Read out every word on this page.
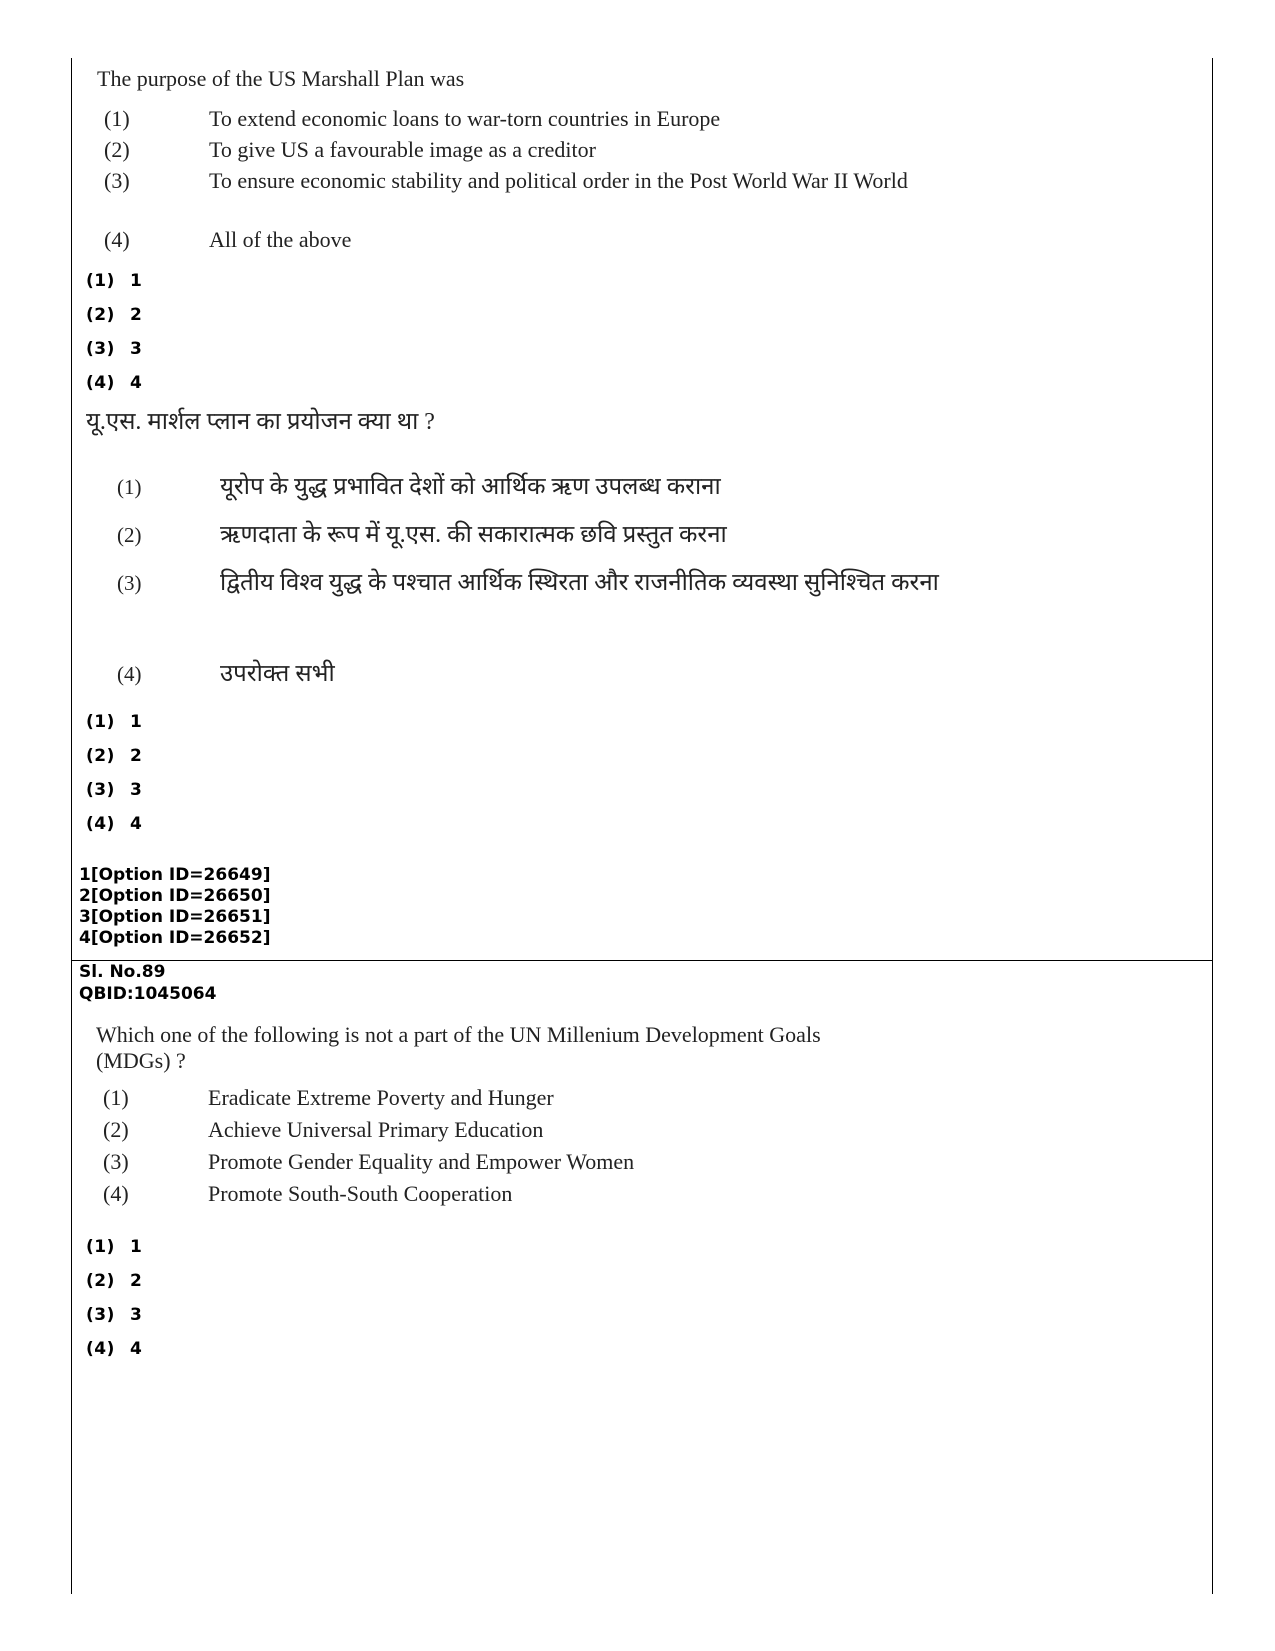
The purpose of the US Marshall Plan was
(1)	To extend economic loans to war-torn countries in Europe
(2)	To give US a favourable image as a creditor
(3)	To ensure economic stability and political order in the Post World War II World
(4)	All of the above
(1) 1
(2) 2
(3) 3
(4) 4
यू.एस. मार्शल प्लान का प्रयोजन क्या था ?
(1)	यूरोप के युद्ध प्रभावित देशों को आर्थिक ऋण उपलब्ध कराना
(2)	ऋणदाता के रूप में यू.एस. की सकारात्मक छवि प्रस्तुत करना
(3)	द्वितीय विश्व युद्ध के पश्चात आर्थिक स्थिरता और राजनीतिक व्यवस्था सुनिश्चित करना
(4)	उपरोक्त सभी
(1) 1
(2) 2
(3) 3
(4) 4
1[Option ID=26649]
2[Option ID=26650]
3[Option ID=26651]
4[Option ID=26652]
Sl. No.89
QBID:1045064
Which one of the following is not a part of the UN Millenium Development Goals (MDGs) ?
(1)	Eradicate Extreme Poverty and Hunger
(2)	Achieve Universal Primary Education
(3)	Promote Gender Equality and Empower Women
(4)	Promote South-South Cooperation
(1) 1
(2) 2
(3) 3
(4) 4
